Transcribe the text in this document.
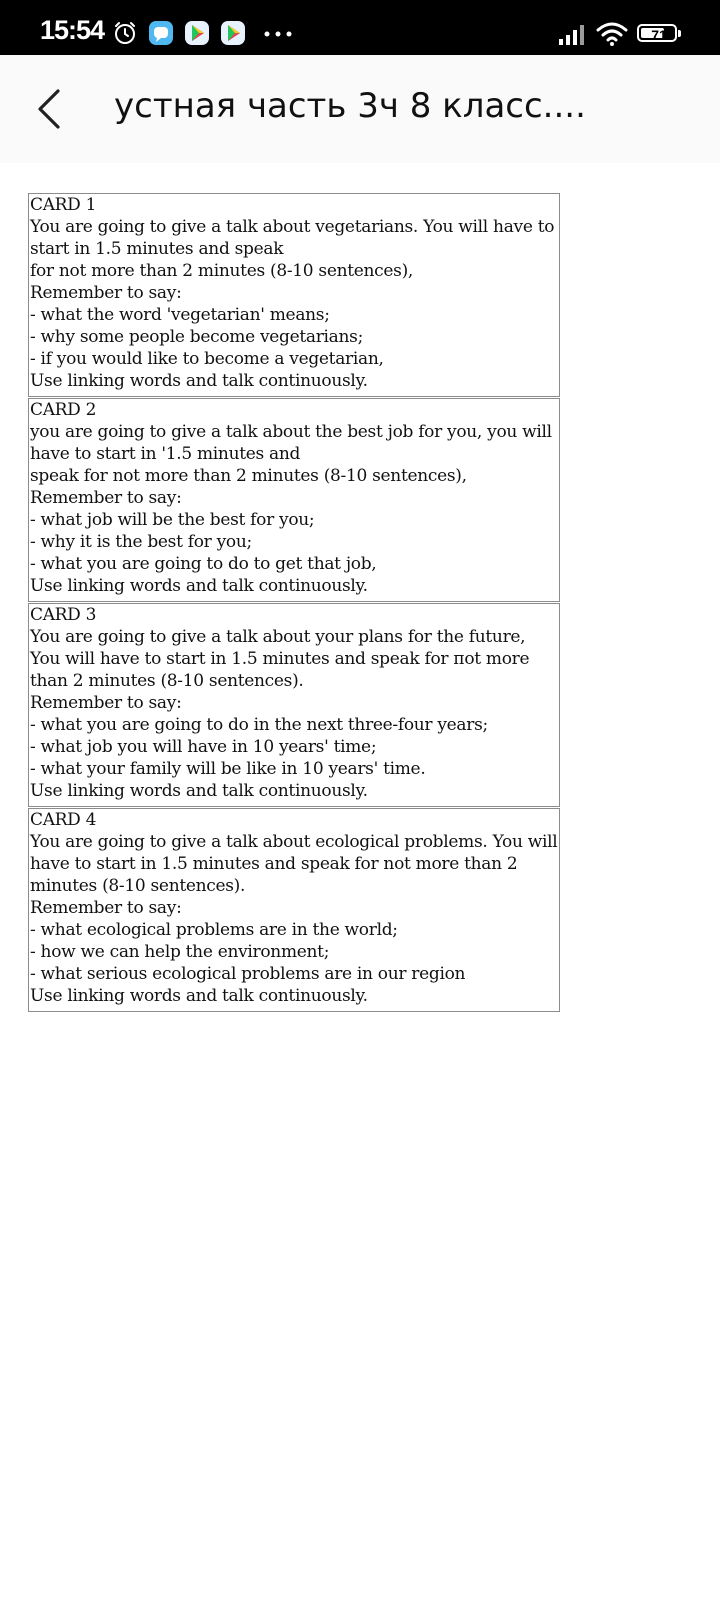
15:54	71
устная часть 3ч 8 класс....
CARD 1
You are going to give a talk about vegetarians. You will have to start in 1.5 minutes and speak
for not more than 2 minutes (8-10 sentences),
Remember to say:
- what the word 'vegetarian' means;
- why some people become vegetarians;
- if you would like to become a vegetarian,
Use linking words and talk continuously.
CARD 2
you are going to give a talk about the best job for you, you will have to start in '1.5 minutes and
speak for not more than 2 minutes (8-10 sentences),
Remember to say:
- what job will be the best for you;
- why it is the best for you;
- what you are going to do to get that job,
Use linking words and talk continuously.
CARD 3
You are going to give a talk about your plans for the future, You will have to start in 1.5 minutes and speak for пot more than 2 minutes (8-10 sentences).
Remember to say:
- what you are going to do in the next three-four years;
- what job you will have in 10 years' time;
- what your family will be like in 10 years' time.
Use linking words and talk continuously.
CARD 4
You are going to give a talk about ecological problems. You will have to start in 1.5 minutes and speak for not more than 2 minutes (8-10 sentences).
Remember to say:
- what ecological problems are in the world;
- how we can help the environment;
- what serious ecological problems are in our region
Use linking words and talk continuously.
